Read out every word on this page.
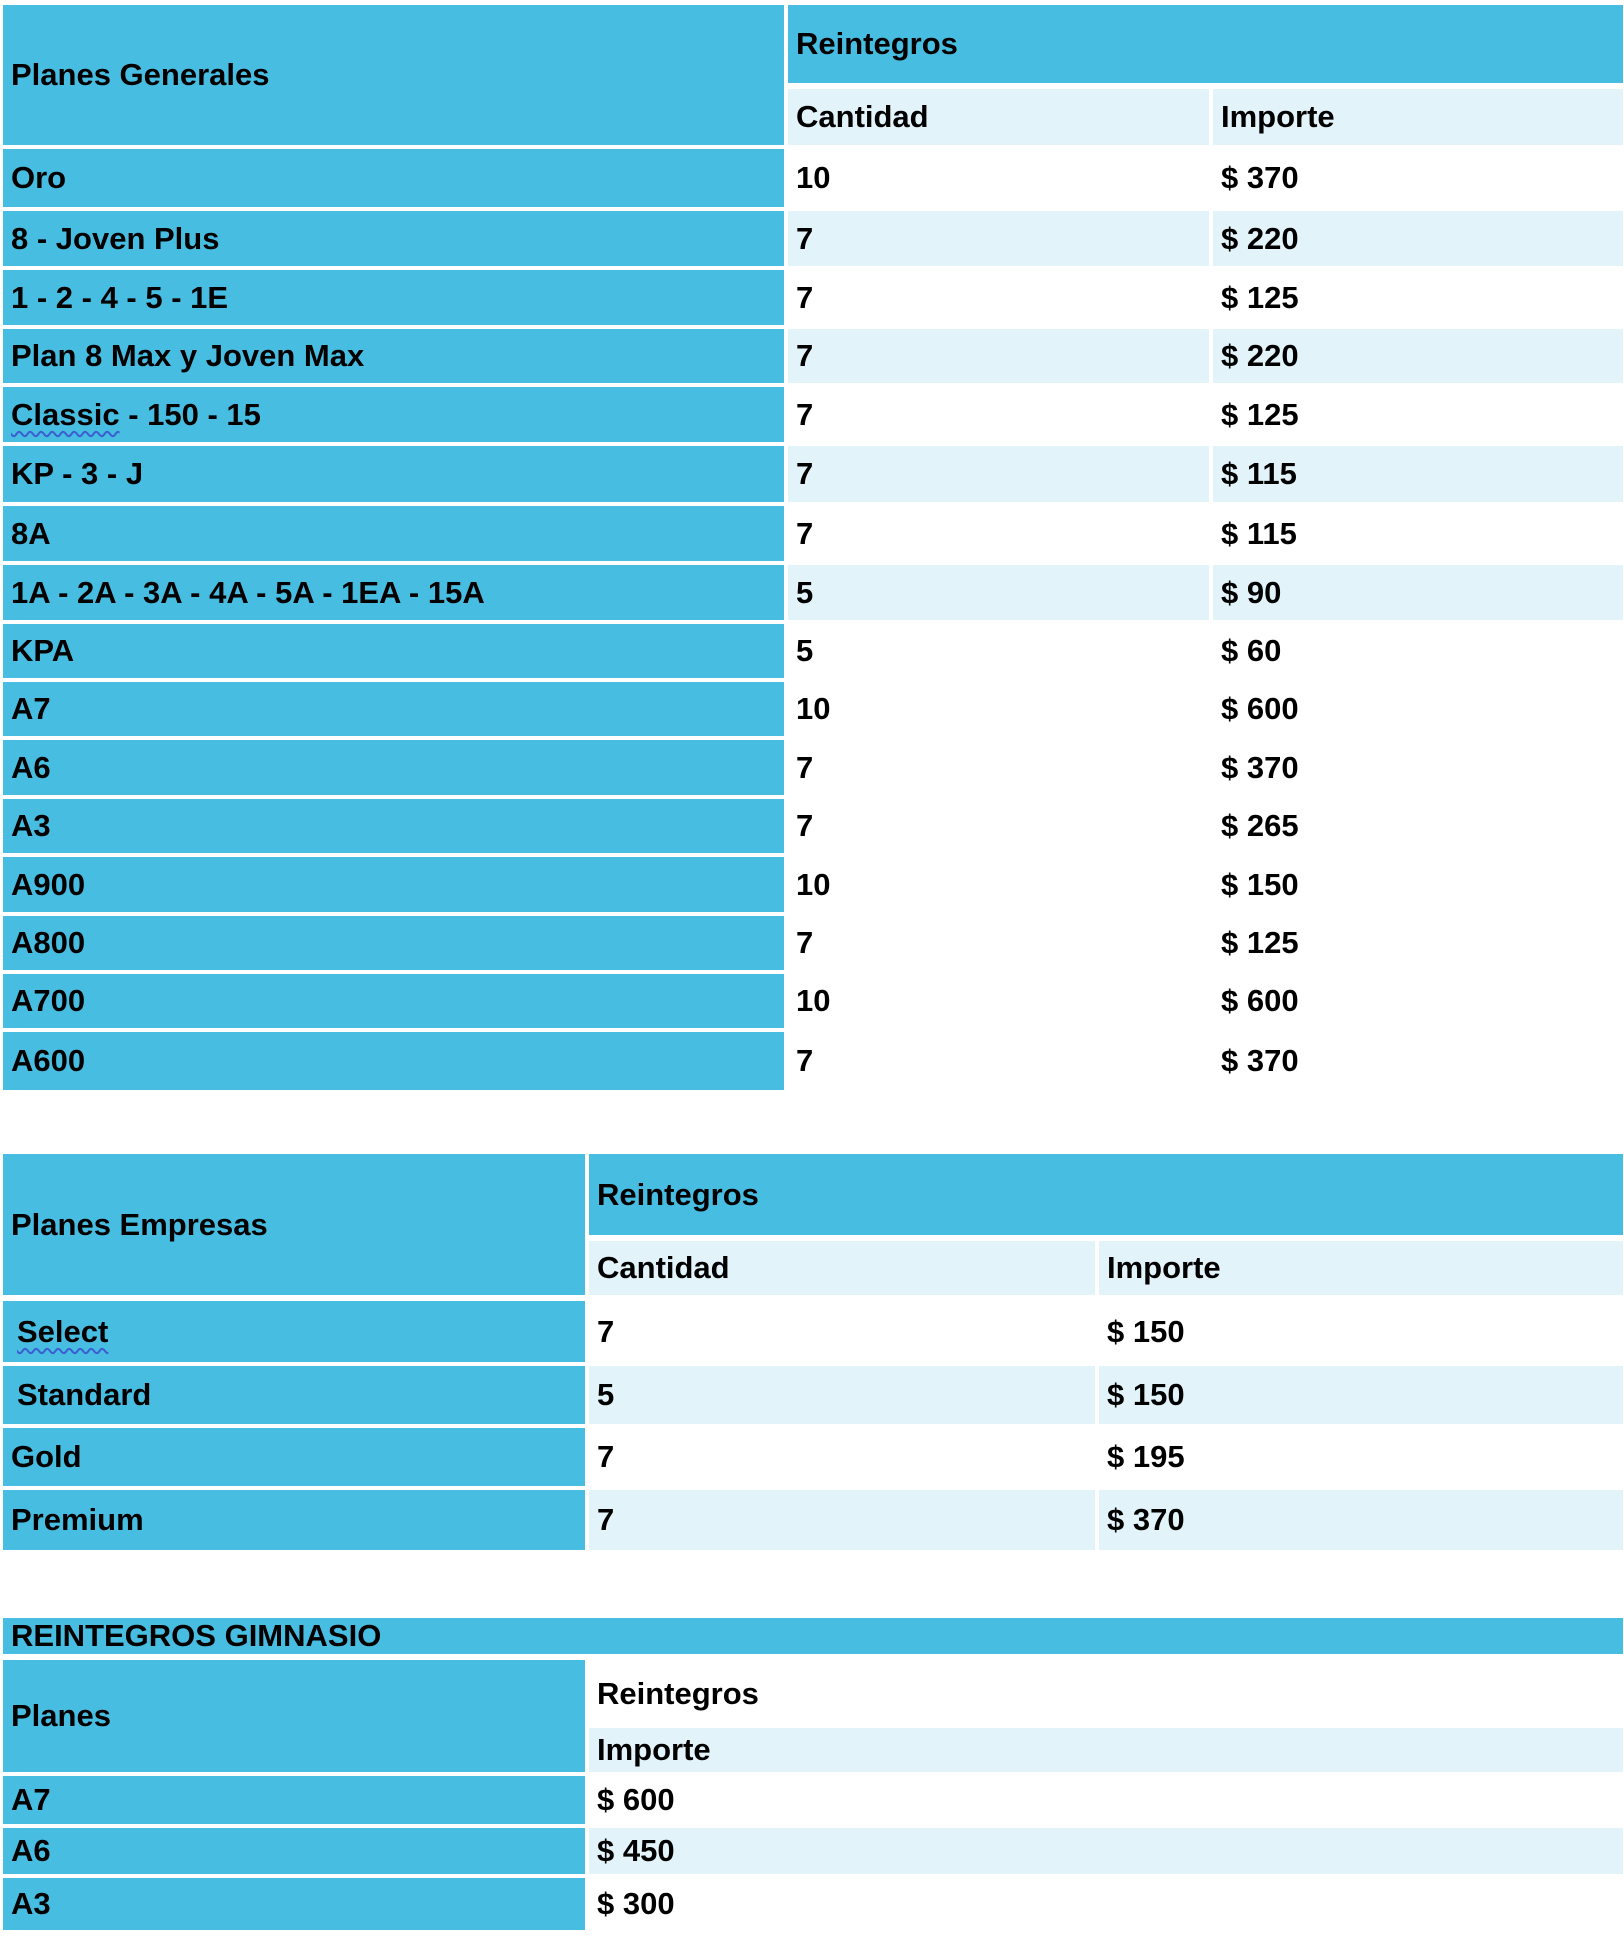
Planes Generales	Reintegros	
	Cantidad	Importe
Oro	10	$ 370
8 - Joven Plus	7	$ 220
1 - 2 - 4 - 5 - 1E	7	$ 125
Plan 8 Max y Joven Max	7	$ 220
Classic - 150 - 15	7	$ 125
KP - 3 - J	7	$ 115
8A	7	$ 115
1A - 2A - 3A - 4A - 5A - 1EA - 15A	5	$ 90
KPA	5	$ 60
A7	10	$ 600
A6	7	$ 370
A3	7	$ 265
A900	10	$ 150
A800	7	$ 125
A700	10	$ 600
A600	7	$ 370
Planes Empresas	Reintegros	
	Cantidad	Importe
Select	7	$ 150
Standard	5	$ 150
Gold	7	$ 195
Premium	7	$ 370
REINTEGROS GIMNASIO	
Planes	Reintegros
	Importe
A7	$ 600
A6	$ 450
A3	$ 300
